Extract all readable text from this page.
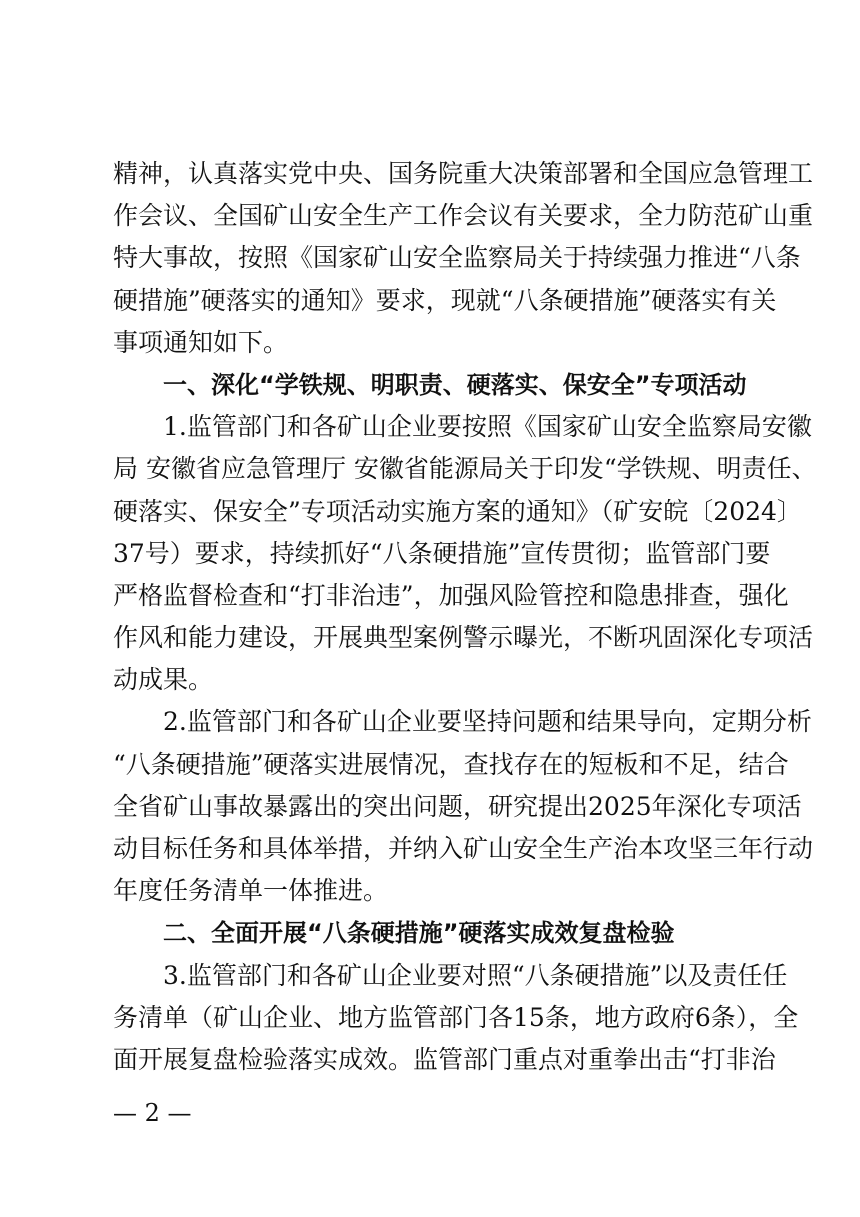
精神，认真落实党中央、国务院重大决策部署和全国应急管理工
作会议、全国矿山安全生产工作会议有关要求，全力防范矿山重
特大事故，按照《国家矿山安全监察局关于持续强力推进“八条
硬措施”硬落实的通知》要求，现就“八条硬措施”硬落实有关
事项通知如下。
一、深化“学铁规、明职责、硬落实、保安全”专项活动
1.监管部门和各矿山企业要按照《国家矿山安全监察局安徽
局 安徽省应急管理厅 安徽省能源局关于印发“学铁规、明责任、
硬落实、保安全”专项活动实施方案的通知》（矿安皖〔2024〕
37号）要求，持续抓好“八条硬措施”宣传贯彻；监管部门要
严格监督检查和“打非治违”，加强风险管控和隐患排查，强化
作风和能力建设，开展典型案例警示曝光，不断巩固深化专项活
动成果。
2.监管部门和各矿山企业要坚持问题和结果导向，定期分析
“八条硬措施”硬落实进展情况，查找存在的短板和不足，结合
全省矿山事故暴露出的突出问题，研究提出2025年深化专项活
动目标任务和具体举措，并纳入矿山安全生产治本攻坚三年行动
年度任务清单一体推进。
二、全面开展“八条硬措施”硬落实成效复盘检验
3.监管部门和各矿山企业要对照“八条硬措施”以及责任任
务清单（矿山企业、地方监管部门各15条，地方政府6条），全
面开展复盘检验落实成效。监管部门重点对重拳出击“打非治
— 2 —
